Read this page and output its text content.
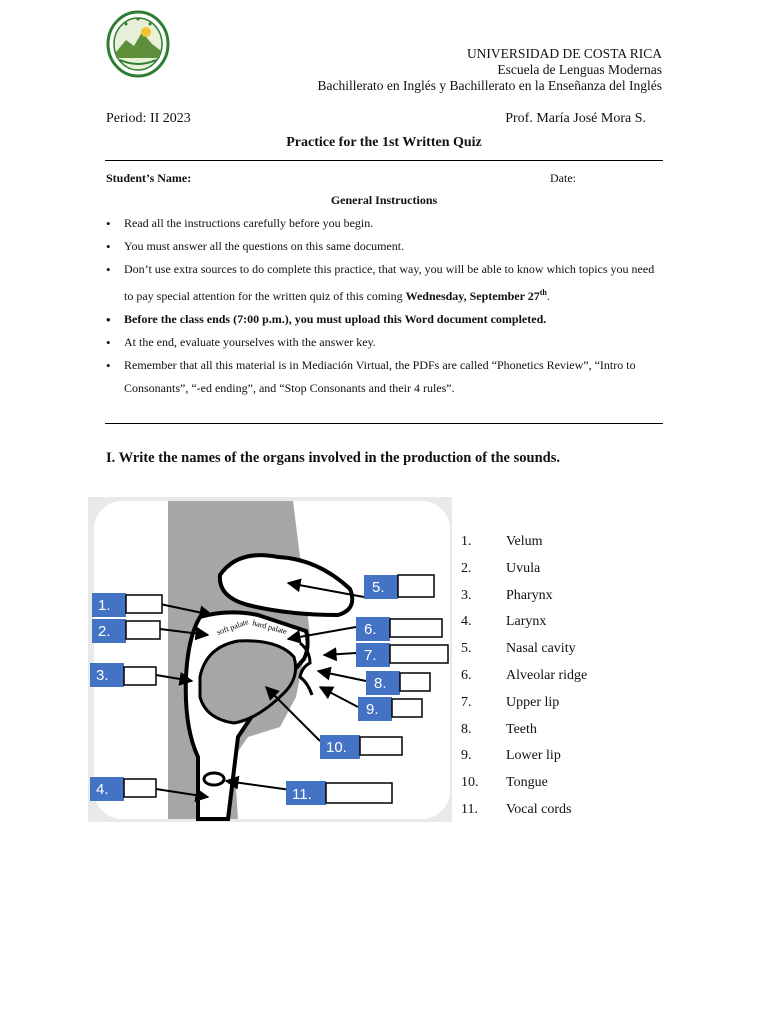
UNIVERSIDAD DE COSTA RICA
Escuela de Lenguas Modernas
Bachillerato en Inglés y Bachillerato en la Enseñanza del Inglés
Period: II 2023	Prof. María José Mora S.
Practice for the 1st Written Quiz
Student’s Name:	Date:
General Instructions
• Read all the instructions carefully before you begin.
• You must answer all the questions on this same document.
• Don’t use extra sources to do complete this practice, that way, you will be able to know which topics you need to pay special attention for the written quiz of this coming Wednesday, September 27th.
• Before the class ends (7:00 p.m.), you must upload this Word document completed.
• At the end, evaluate yourselves with the answer key.
• Remember that all this material is in Mediación Virtual, the PDFs are called “Phonetics Review”, “Intro to Consonants”, “-ed ending”, and “Stop Consonants and their 4 rules”.
I. Write the names of the organs involved in the production of the sounds.
soft palate hard palate
1.
2.
3.
4.
5.
6.
7.
8.
9.
10.
11.
1.	Velum
2.	Uvula
3.	Pharynx
4.	Larynx
5.	Nasal cavity
6.	Alveolar ridge
7.	Upper lip
8.	Teeth
9.	Lower lip
10.	Tongue
11.	Vocal cords
